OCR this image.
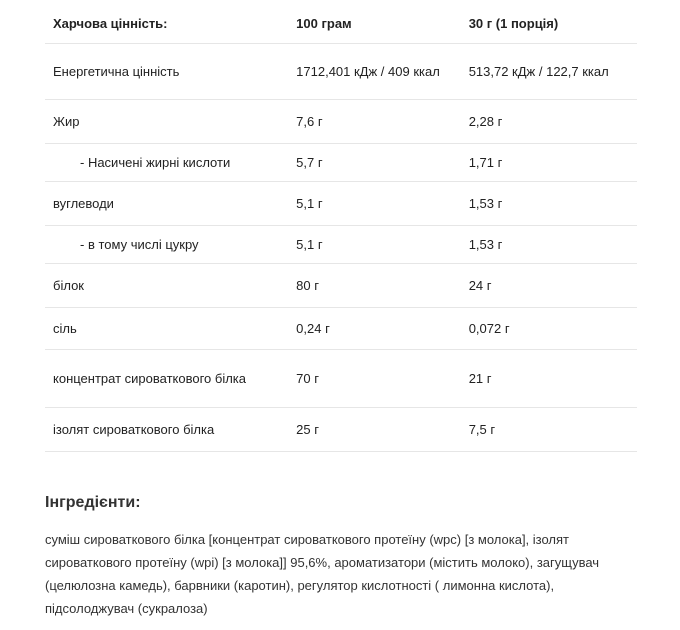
Харчова цінність:	100 грам	30 г (1 порція)
Енергетична цінність	1712,401 кДж / 409 ккал	513,72 кДж / 122,7 ккал
Жир	7,6 г	2,28 г
- Насичені жирні кислоти	5,7 г	1,71 г
вуглеводи	5,1 г	1,53 г
- в тому числі цукру	5,1 г	1,53 г
білок	80 г	24 г
сіль	0,24 г	0,072 г
концентрат сироваткового білка	70 г	21 г
ізолят сироваткового білка	25 г	7,5 г
Інгредієнти:

суміш сироваткового білка [концентрат сироваткового протеїну (wpc) [з молока], ізолят сироваткового протеїну (wpi) [з молока]] 95,6%, ароматизатори (містить молоко), загущувач (целюлозна камедь), барвники (каротин), регулятор кислотності ( лимонна кислота), підсолоджувач (сукралоза)
